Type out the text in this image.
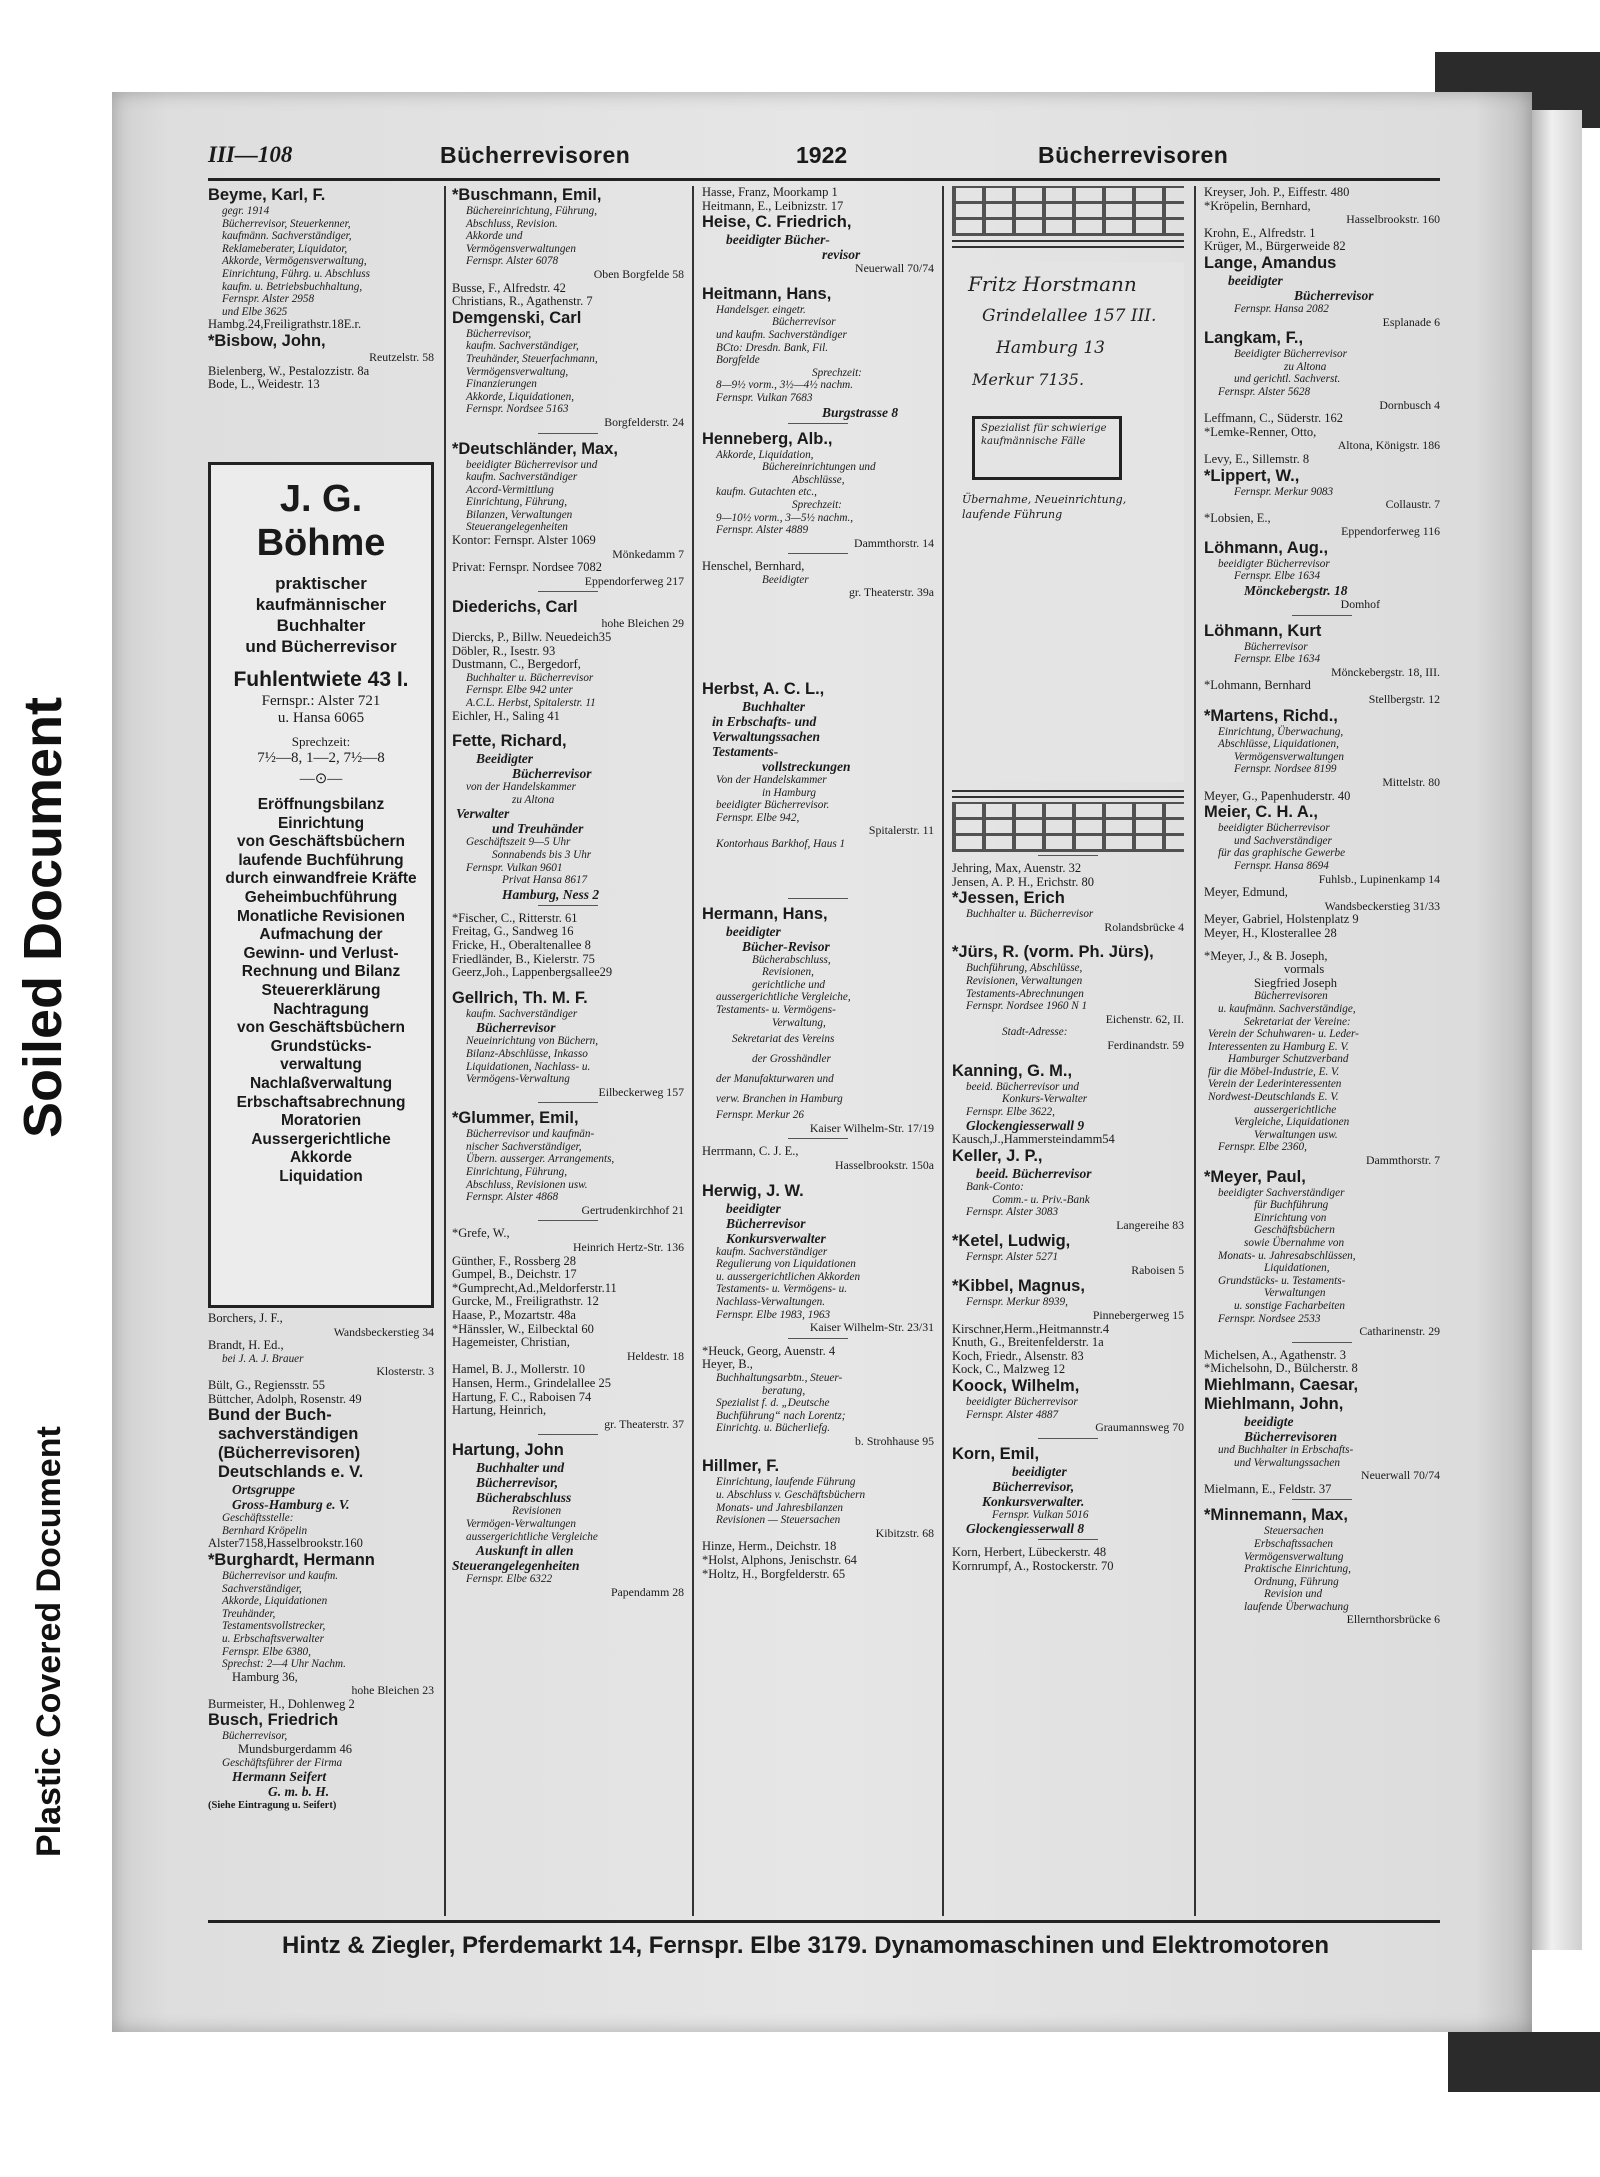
Soiled Document
Plastic Covered Document
III—108	Bücherrevisoren	1922	Bücherrevisoren

Beyme, Karl, F.

gegr. 1914

Bücherrevisor, Steuerkenner,

kaufmänn. Sachverständiger,

Reklameberater, Liquidator,

Akkorde, Vermögensverwaltung,

Einrichtung, Führg. u. Abschluss

kaufm. u. Betriebsbuchhaltung,

Fernspr. Alster 2958

und Elbe 3625

Hambg.24,Freiligrathstr.18E.r.

*Bisbow, John,

Reutzelstr. 58

Bielenberg, W., Pestalozzistr. 8a

Bode, L., Weidestr. 13

J. G. Böhme
praktischer
kaufmännischer Buchhalter
und Bücherrevisor
Fuhlentwiete 43 I.
Fernspr.: Alster 721
u. Hansa 6065
Sprechzeit:
7½—8, 1—2, 7½—8
—⊙—
Eröffnungsbilanz
Einrichtung
von Geschäftsbüchern
laufende Buchführung
durch einwandfreie Kräfte
Geheimbuchführung
Monatliche Revisionen
Aufmachung der
Gewinn- und Verlust-
Rechnung und Bilanz
Steuererklärung
Nachtragung
von Geschäftsbüchern
Grundstücks-
verwaltung
Nachlaßverwaltung
Erbschaftsabrechnung
Moratorien
Aussergerichtliche
Akkorde
Liquidation

Borchers, J. F.,

Wandsbeckerstieg 34

Brandt, H. Ed.,

bei J. A. J. Brauer

Klosterstr. 3

Bült, G., Regiensstr. 55

Büttcher, Adolph, Rosenstr. 49

Bund der Buch-

sachverständigen

(Bücherrevisoren)

Deutschlands e. V.

Ortsgruppe

Gross-Hamburg e. V.

Geschäftsstelle:

Bernhard Kröpelin

Alster7158,Hasselbrookstr.160

*Burghardt, Hermann

Bücherrevisor und kaufm.

Sachverständiger,

Akkorde, Liquidationen

Treuhänder,

Testamentsvollstrecker,

u. Erbschaftsverwalter

Fernspr. Elbe 6380,

Sprechst: 2—4 Uhr Nachm.

Hamburg 36,

hohe Bleichen 23

Burmeister, H., Dohlenweg 2

Busch, Friedrich

Bücherrevisor,

Mundsburgerdamm 46

Geschäftsführer der Firma

Hermann Seifert

G. m. b. H.

(Siehe Eintragung u. Seifert)

*Buschmann, Emil,

Büchereinrichtung, Führung,

Abschluss, Revision.

Akkorde und

Vermögensverwaltungen

Fernspr. Alster 6078

Oben Borgfelde 58

Busse, F., Alfredstr. 42

Christians, R., Agathenstr. 7

Demgenski, Carl

Bücherrevisor,

kaufm. Sachverständiger,

Treuhänder, Steuerfachmann,

Vermögensverwaltung,

Finanzierungen

Akkorde, Liquidationen,

Fernspr. Nordsee 5163

Borgfelderstr. 24

*Deutschländer, Max,

beeidigter Bücherrevisor und

kaufm. Sachverständiger

Accord-Vermittlung

Einrichtung, Führung,

Bilanzen, Verwaltungen

Steuerangelegenheiten

Kontor: Fernspr. Alster 1069

Mönkedamm 7

Privat: Fernspr. Nordsee 7082

Eppendorferweg 217

Diederichs, Carl

hohe Bleichen 29

Diercks, P., Billw. Neuedeich35

Döbler, R., Isestr. 93

Dustmann, C., Bergedorf,

Buchhalter u. Bücherrevisor

Fernspr. Elbe 942 unter

A.C.L. Herbst, Spitalerstr. 11

Eichler, H., Saling 41

Fette, Richard,

Beeidigter

Bücherrevisor

von der Handelskammer

zu Altona

Verwalter

und Treuhänder

Geschäftszeit 9—5 Uhr

Sonnabends bis 3 Uhr

Fernspr. Vulkan 9601

Privat Hansa 8617

Hamburg, Ness 2

*Fischer, C., Ritterstr. 61

Freitag, G., Sandweg 16

Fricke, H., Oberaltenallee 8

Friedländer, B., Kielerstr. 75

Geerz,Joh., Lappenbergsallee29

Gellrich, Th. M. F.

kaufm. Sachverständiger

Bücherrevisor

Neueinrichtung von Büchern,

Bilanz-Abschlüsse, Inkasso

Liquidationen, Nachlass- u.

Vermögens-Verwaltung

Eilbeckerweg 157

*Glummer, Emil,

Bücherrevisor und kaufmän-

nischer Sachverständiger,

Übern. ausserger. Arrangements,

Einrichtung, Führung,

Abschluss, Revisionen usw.

Fernspr. Alster 4868

Gertrudenkirchhof 21

*Grefe, W.,

Heinrich Hertz-Str. 136

Günther, F., Rossberg 28

Gumpel, B., Deichstr. 17

*Gumprecht,Ad.,Meldorferstr.11

Gurcke, M., Freiligrathstr. 12

Haase, P., Mozartstr. 48a

*Hänssler, W., Eilbecktal 60

Hagemeister, Christian,

Heldestr. 18

Hamel, B. J., Mollerstr. 10

Hansen, Herm., Grindelallee 25

Hartung, F. C., Raboisen 74

Hartung, Heinrich,

gr. Theaterstr. 37

Hartung, John

Buchhalter und

Bücherrevisor,

Bücherabschluss

Revisionen

Vermögen-Verwaltungen

aussergerichtliche Vergleiche

Auskunft in allen

Steuerangelegenheiten

Fernspr. Elbe 6322

Papendamm 28

Hasse, Franz, Moorkamp 1

Heitmann, E., Leibnizstr. 17

Heise, C. Friedrich,

beeidigter Bücher-

revisor

Neuerwall 70/74

Heitmann, Hans,

Handelsger. eingetr.

Bücherrevisor

und kaufm. Sachverständiger

BCto: Dresdn. Bank, Fil.

Borgfelde

Sprechzeit:

8—9½ vorm., 3½—4½ nachm.

Fernspr. Vulkan 7683

Burgstrasse 8

Henneberg, Alb.,

Akkorde, Liquidation,

Büchereinrichtungen und

Abschlüsse,

kaufm. Gutachten etc.,

Sprechzeit:

9—10½ vorm., 3—5½ nachm.,

Fernspr. Alster 4889

Dammthorstr. 14

Henschel, Bernhard,

Beeidigter

gr. Theaterstr. 39a

Herbst, A. C. L.,

Buchhalter

in Erbschafts- und

Verwaltungssachen

Testaments-

vollstreckungen

Von der Handelskammer

in Hamburg

beeidigter Bücherrevisor.

Fernspr. Elbe 942,

Spitalerstr. 11

Kontorhaus Barkhof, Haus 1

Hermann, Hans,

beeidigter

Bücher-Revisor

Bücherabschluss,

Revisionen,

gerichtliche und

aussergerichtliche Vergleiche,

Testaments- u. Vermögens-

Verwaltung,

Sekretariat des Vereins

der Grosshändler

der Manufakturwaren und

verw. Branchen in Hamburg

Fernspr. Merkur 26

Kaiser Wilhelm-Str. 17/19

Herrmann, C. J. E.,

Hasselbrookstr. 150a

Herwig, J. W.

beeidigter

Bücherrevisor

Konkursverwalter

kaufm. Sachverständiger

Regulierung von Liquidationen

u. aussergerichtlichen Akkorden

Testaments- u. Vermögens- u.

Nachlass-Verwaltungen.

Fernspr. Elbe 1983, 1963

Kaiser Wilhelm-Str. 23/31

*Heuck, Georg, Auenstr. 4

Heyer, B.,

Buchhaltungsarbtn., Steuer-

beratung,

Spezialist f. d. „Deutsche

Buchführung“ nach Lorentz;

Einrichtg. u. Bücherliefg.

b. Strohhause 95

Hillmer, F.

Einrichtung, laufende Führung

u. Abschluss v. Geschäftsbüchern

Monats- und Jahresbilanzen

Revisionen — Steuersachen

Kibitzstr. 68

Hinze, Herm., Deichstr. 18

*Holst, Alphons, Jenischstr. 64

*Holtz, H., Borgfelderstr. 65

Fritz Horstmann
Grindelallee 157 III.
Hamburg 13
Merkur 7135.
Spezialist für schwierige kaufmännische Fälle
Übernahme, Neueinrichtung, laufende Führung

Jehring, Max, Auenstr. 32

Jensen, A. P. H., Erichstr. 80

*Jessen, Erich

Buchhalter u. Bücherrevisor

Rolandsbrücke 4

*Jürs, R. (vorm. Ph. Jürs),

Buchführung, Abschlüsse,

Revisionen, Verwaltungen

Testaments-Abrechnungen

Fernspr. Nordsee 1960 N 1

Eichenstr. 62, II.

Stadt-Adresse:

Ferdinandstr. 59

Kanning, G. M.,

beeid. Bücherrevisor und

Konkurs-Verwalter

Fernspr. Elbe 3622,

Glockengiesserwall 9

Kausch,J.,Hammersteindamm54

Keller, J. P.,

beeid. Bücherrevisor

Bank-Conto:

Comm.- u. Priv.-Bank

Fernspr. Alster 3083

Langereihe 83

*Ketel, Ludwig,

Fernspr. Alster 5271

Raboisen 5

*Kibbel, Magnus,

Fernspr. Merkur 8939,

Pinnebergerweg 15

Kirschner,Herm.,Heitmannstr.4

Knuth, G., Breitenfelderstr. 1a

Koch, Friedr., Alsenstr. 83

Kock, C., Malzweg 12

Koock, Wilhelm,

beeidigter Bücherrevisor

Fernspr. Alster 4887

Graumannsweg 70

Korn, Emil,

beeidigter

Bücherrevisor,

Konkursverwalter.

Fernspr. Vulkan 5016

Glockengiesserwall 8

Korn, Herbert, Lübeckerstr. 48

Kornrumpf, A., Rostockerstr. 70

Kreyser, Joh. P., Eiffestr. 480

*Kröpelin, Bernhard,

Hasselbrookstr. 160

Krohn, E., Alfredstr. 1

Krüger, M., Bürgerweide 82

Lange, Amandus

beeidigter

Bücherrevisor

Fernspr. Hansa 2082

Esplanade 6

Langkam, F.,

Beeidigter Bücherrevisor

zu Altona

und gerichtl. Sachverst.

Fernspr. Alster 5628

Dornbusch 4

Leffmann, C., Süderstr. 162

*Lemke-Renner, Otto,

Altona, Königstr. 186

Levy, E., Sillemstr. 8

*Lippert, W.,

Fernspr. Merkur 9083

Collaustr. 7

*Lobsien, E.,

Eppendorferweg 116

Löhmann, Aug.,

beeidigter Bücherrevisor

Fernspr. Elbe 1634

Mönckebergstr. 18

Domhof

Löhmann, Kurt

Bücherrevisor

Fernspr. Elbe 1634

Mönckebergstr. 18, III.

*Lohmann, Bernhard

Stellbergstr. 12

*Martens, Richd.,

Einrichtung, Überwachung,

Abschlüsse, Liquidationen,

Vermögensverwaltungen

Fernspr. Nordsee 8199

Mittelstr. 80

Meyer, G., Papenhuderstr. 40

Meier, C. H. A.,

beeidigter Bücherrevisor

und Sachverständiger

für das graphische Gewerbe

Fernspr. Hansa 8694

Fuhlsb., Lupinenkamp 14

Meyer, Edmund,

Wandsbeckerstieg 31/33

Meyer, Gabriel, Holstenplatz 9

Meyer, H., Klosterallee 28

*Meyer, J., & B. Joseph,

vormals

Siegfried Joseph

Bücherrevisoren

u. kaufmänn. Sachverständige,

Sekretariat der Vereine:

Verein der Schuhwaren- u. Leder-

Interessenten zu Hamburg E. V.

Hamburger Schutzverband

für die Möbel-Industrie, E. V.

Verein der Lederinteressenten

Nordwest-Deutschlands E. V.

aussergerichtliche

Vergleiche, Liquidationen

Verwaltungen usw.

Fernspr. Elbe 2360,

Dammthorstr. 7

*Meyer, Paul,

beeidigter Sachverständiger

für Buchführung

Einrichtung von

Geschäftsbüchern

sowie Übernahme von

Monats- u. Jahresabschlüssen,

Liquidationen,

Grundstücks- u. Testaments-

Verwaltungen

u. sonstige Facharbeiten

Fernspr. Nordsee 2533

Catharinenstr. 29

Michelsen, A., Agathenstr. 3

*Michelsohn, D., Bülcherstr. 8

Miehlmann, Caesar,

Miehlmann, John,

beeidigte

Bücherrevisoren

und Buchhalter in Erbschafts-

und Verwaltungssachen

Neuerwall 70/74

Mielmann, E., Feldstr. 37

*Minnemann, Max,

Steuersachen

Erbschaftssachen

Vermögensverwaltung

Praktische Einrichtung,

Ordnung, Führung

Revision und

laufende Überwachung

Ellernthorsbrücke 6

Hintz & Ziegler, Pferdemarkt 14, Fernspr. Elbe 3179. Dynamomaschinen und Elektromotoren
